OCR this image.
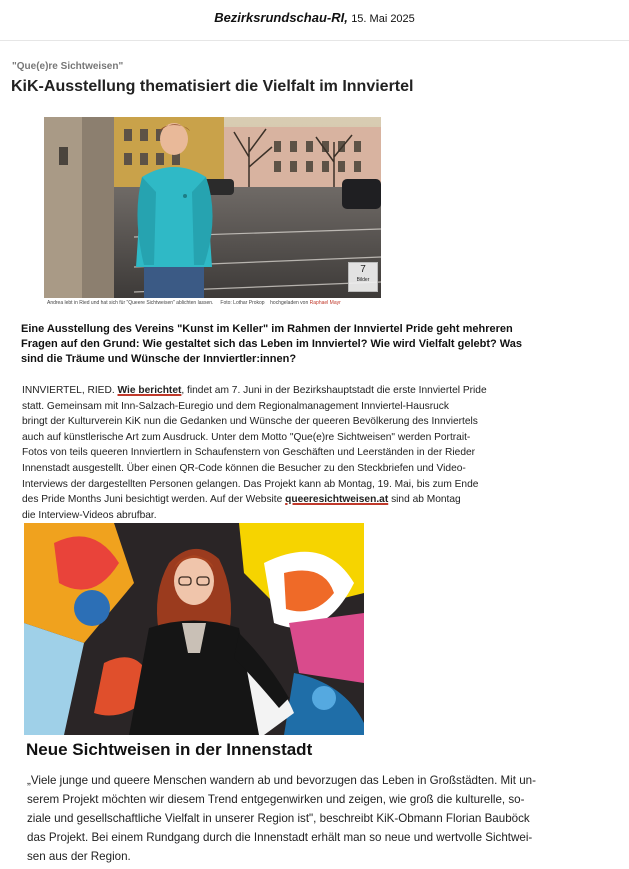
Bezirksrundschau-RI, 15. Mai 2025
"Que(e)re Sichtweisen"
KiK-Ausstellung thematisiert die Vielfalt im Innviertel
7
Bilder
Andrea lebt in Ried und hat sich für "Queere Sichtweisen" ablichten lassen. Foto: Lothar Prokop hochgeladen von Raphael Mayr
Eine Ausstellung des Vereins "Kunst im Keller" im Rahmen der Innviertel Pride geht mehreren Fragen auf den Grund: Wie gestaltet sich das Leben im Innviertel? Wie wird Vielfalt gelebt? Was sind die Träume und Wünsche der Innviertler:innen?
INNVIERTEL, RIED. Wie berichtet, findet am 7. Juni in der Bezirkshauptstadt die erste Innviertel Pride
statt. Gemeinsam mit Inn-Salzach-Euregio und dem Regionalmanagement Innviertel-Hausruck
bringt der Kulturverein KiK nun die Gedanken und Wünsche der queeren Bevölkerung des Innviertels
auch auf künstlerische Art zum Ausdruck. Unter dem Motto "Que(e)re Sichtweisen" werden Portrait-
Fotos von teils queeren Innviertlern in Schaufenstern von Geschäften und Leerständen in der Rieder
Innenstadt ausgestellt. Über einen QR-Code können die Besucher zu den Steckbriefen und Video-
Interviews der dargestellten Personen gelangen. Das Projekt kann ab Montag, 19. Mai, bis zum Ende
des Pride Months Juni besichtigt werden. Auf der Website queeresichtweisen.at sind ab Montag
die Interview-Videos abrufbar.
Neue Sichtweisen in der Innenstadt
„Viele junge und queere Menschen wandern ab und bevorzugen das Leben in Großstädten. Mit un-
serem Projekt möchten wir diesem Trend entgegenwirken und zeigen, wie groß die kulturelle, so-
ziale und gesellschaftliche Vielfalt in unserer Region ist", beschreibt KiK-Obmann Florian Bauböck
das Projekt. Bei einem Rundgang durch die Innenstadt erhält man so neue und wertvolle Sichtwei-
sen aus der Region.
